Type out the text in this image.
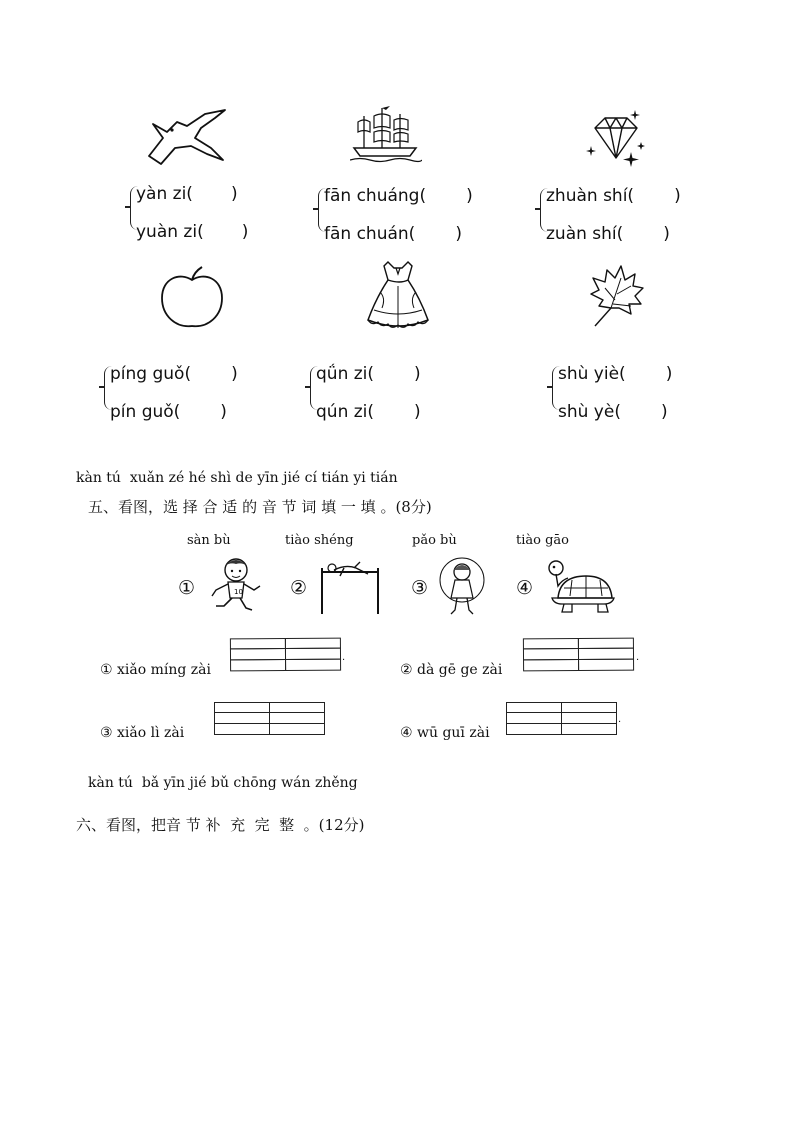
yàn zi( )
yuàn zi( )
fān chuáng( )
fān chuán( )
zhuàn shí( )
zuàn shí( )
píng guǒ( )
pín guǒ( )
qǘn zi( )
qún zi( )
shù yiè( )
shù yè( )
kàn tú  xuǎn zé hé shì de yīn jié cí tián yi tián
五、看图，选 择 合 适 的 音 节 词 填 一 填 。(8分)
sàn bù	tiào shéng	pǎo bù	tiào gāo
①	②	③	④
10
① xiǎo míng zài
.
② dà gē ge zài
.
③ xiǎo lì zài	④ wū guī zài
.
kàn tú  bǎ yīn jié bǔ chōng wán zhěng
六、看图，把音 节 补  充  完  整  。(12分)
